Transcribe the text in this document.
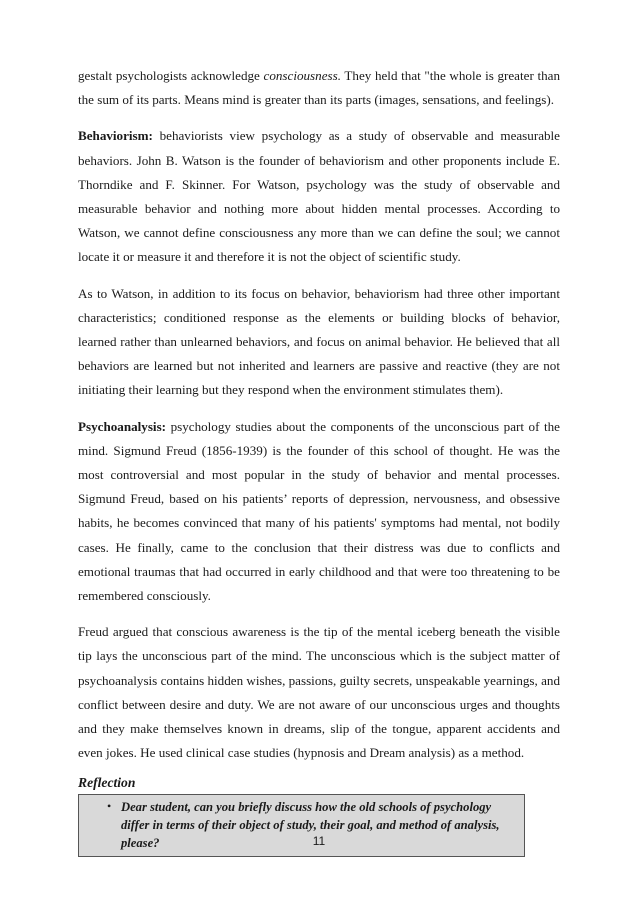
gestalt psychologists acknowledge consciousness. They held that "the whole is greater than the sum of its parts. Means mind is greater than its parts (images, sensations, and feelings).

Behaviorism: behaviorists view psychology as a study of observable and measurable behaviors. John B. Watson is the founder of behaviorism and other proponents include E. Thorndike and F. Skinner. For Watson, psychology was the study of observable and measurable behavior and nothing more about hidden mental processes. According to Watson, we cannot define consciousness any more than we can define the soul; we cannot locate it or measure it and therefore it is not the object of scientific study.

As to Watson, in addition to its focus on behavior, behaviorism had three other important characteristics; conditioned response as the elements or building blocks of behavior, learned rather than unlearned behaviors, and focus on animal behavior. He believed that all behaviors are learned but not inherited and learners are passive and reactive (they are not initiating their learning but they respond when the environment stimulates them).

Psychoanalysis: psychology studies about the components of the unconscious part of the mind. Sigmund Freud (1856-1939) is the founder of this school of thought. He was the most controversial and most popular in the study of behavior and mental processes. Sigmund Freud, based on his patients’ reports of depression, nervousness, and obsessive habits, he becomes convinced that many of his patients' symptoms had mental, not bodily cases. He finally, came to the conclusion that their distress was due to conflicts and emotional traumas that had occurred in early childhood and that were too threatening to be remembered consciously.

Freud argued that conscious awareness is the tip of the mental iceberg beneath the visible tip lays the unconscious part of the mind. The unconscious which is the subject matter of psychoanalysis contains hidden wishes, passions, guilty secrets, unspeakable yearnings, and conflict between desire and duty. We are not aware of our unconscious urges and thoughts and they make themselves known in dreams, slip of the tongue, apparent accidents and even jokes. He used clinical case studies (hypnosis and Dream analysis) as a method.

Reflection
• Dear student, can you briefly discuss how the old schools of psychology differ in terms of their object of study, their goal, and method of analysis, please?	11
